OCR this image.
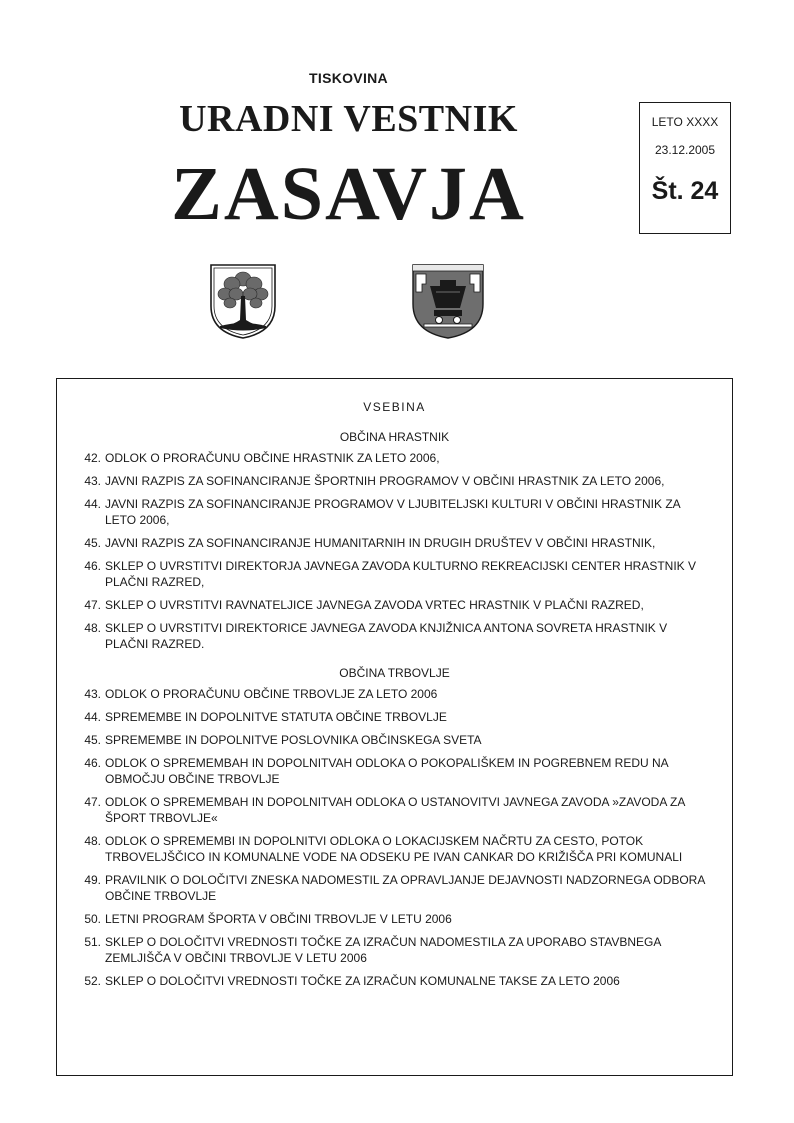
TISKOVINA
URADNI VESTNIK
ZASAVJA
LETO XXXX
23.12.2005
Št. 24
VSEBINA
OBČINA HRASTNIK
42. ODLOK O PRORAČUNU OBČINE HRASTNIK ZA LETO 2006,
43. JAVNI RAZPIS ZA SOFINANCIRANJE ŠPORTNIH PROGRAMOV V OBČINI HRASTNIK ZA LETO 2006,
44. JAVNI RAZPIS ZA SOFINANCIRANJE PROGRAMOV V LJUBITELJSKI KULTURI V OBČINI HRASTNIK ZA LETO 2006,
45. JAVNI RAZPIS ZA SOFINANCIRANJE HUMANITARNIH IN DRUGIH DRUŠTEV V OBČINI HRASTNIK,
46. SKLEP O UVRSTITVI DIREKTORJA JAVNEGA ZAVODA KULTURNO REKREACIJSKI CENTER HRASTNIK V PLAČNI RAZRED,
47. SKLEP O UVRSTITVI RAVNATELJICE JAVNEGA ZAVODA VRTEC HRASTNIK V PLAČNI RAZRED,
48. SKLEP O UVRSTITVI DIREKTORICE JAVNEGA ZAVODA KNJIŽNICA ANTONA SOVRETA HRASTNIK V PLAČNI RAZRED.
OBČINA TRBOVLJE
43. ODLOK O PRORAČUNU OBČINE TRBOVLJE ZA LETO 2006
44. SPREMEMBE IN DOPOLNITVE STATUTA OBČINE TRBOVLJE
45. SPREMEMBE IN DOPOLNITVE POSLOVNIKA OBČINSKEGA SVETA
46. ODLOK O SPREMEMBAH IN DOPOLNITVAH ODLOKA O POKOPALIŠKEM IN POGREBNEM REDU NA OBMOČJU OBČINE TRBOVLJE
47. ODLOK O SPREMEMBAH IN DOPOLNITVAH ODLOKA O USTANOVITVI JAVNEGA ZAVODA »ZAVODA ZA ŠPORT TRBOVLJE«
48. ODLOK O SPREMEMBI IN DOPOLNITVI ODLOKA O LOKACIJSKEM NAČRTU ZA CESTO, POTOK TRBOVELJŠČICO IN KOMUNALNE VODE NA ODSEKU PE IVAN CANKAR DO KRIŽIŠČA PRI KOMUNALI
49. PRAVILNIK O DOLOČITVI ZNESKA NADOMESTIL ZA OPRAVLJANJE DEJAVNOSTI NADZORNEGA ODBORA OBČINE TRBOVLJE
50. LETNI PROGRAM ŠPORTA V OBČINI TRBOVLJE V LETU 2006
51. SKLEP O DOLOČITVI VREDNOSTI TOČKE ZA IZRAČUN NADOMESTILA ZA UPORABO STAVBNEGA ZEMLJIŠČA V OBČINI TRBOVLJE V LETU 2006
52. SKLEP O DOLOČITVI VREDNOSTI TOČKE ZA IZRAČUN KOMUNALNE TAKSE ZA LETO 2006
